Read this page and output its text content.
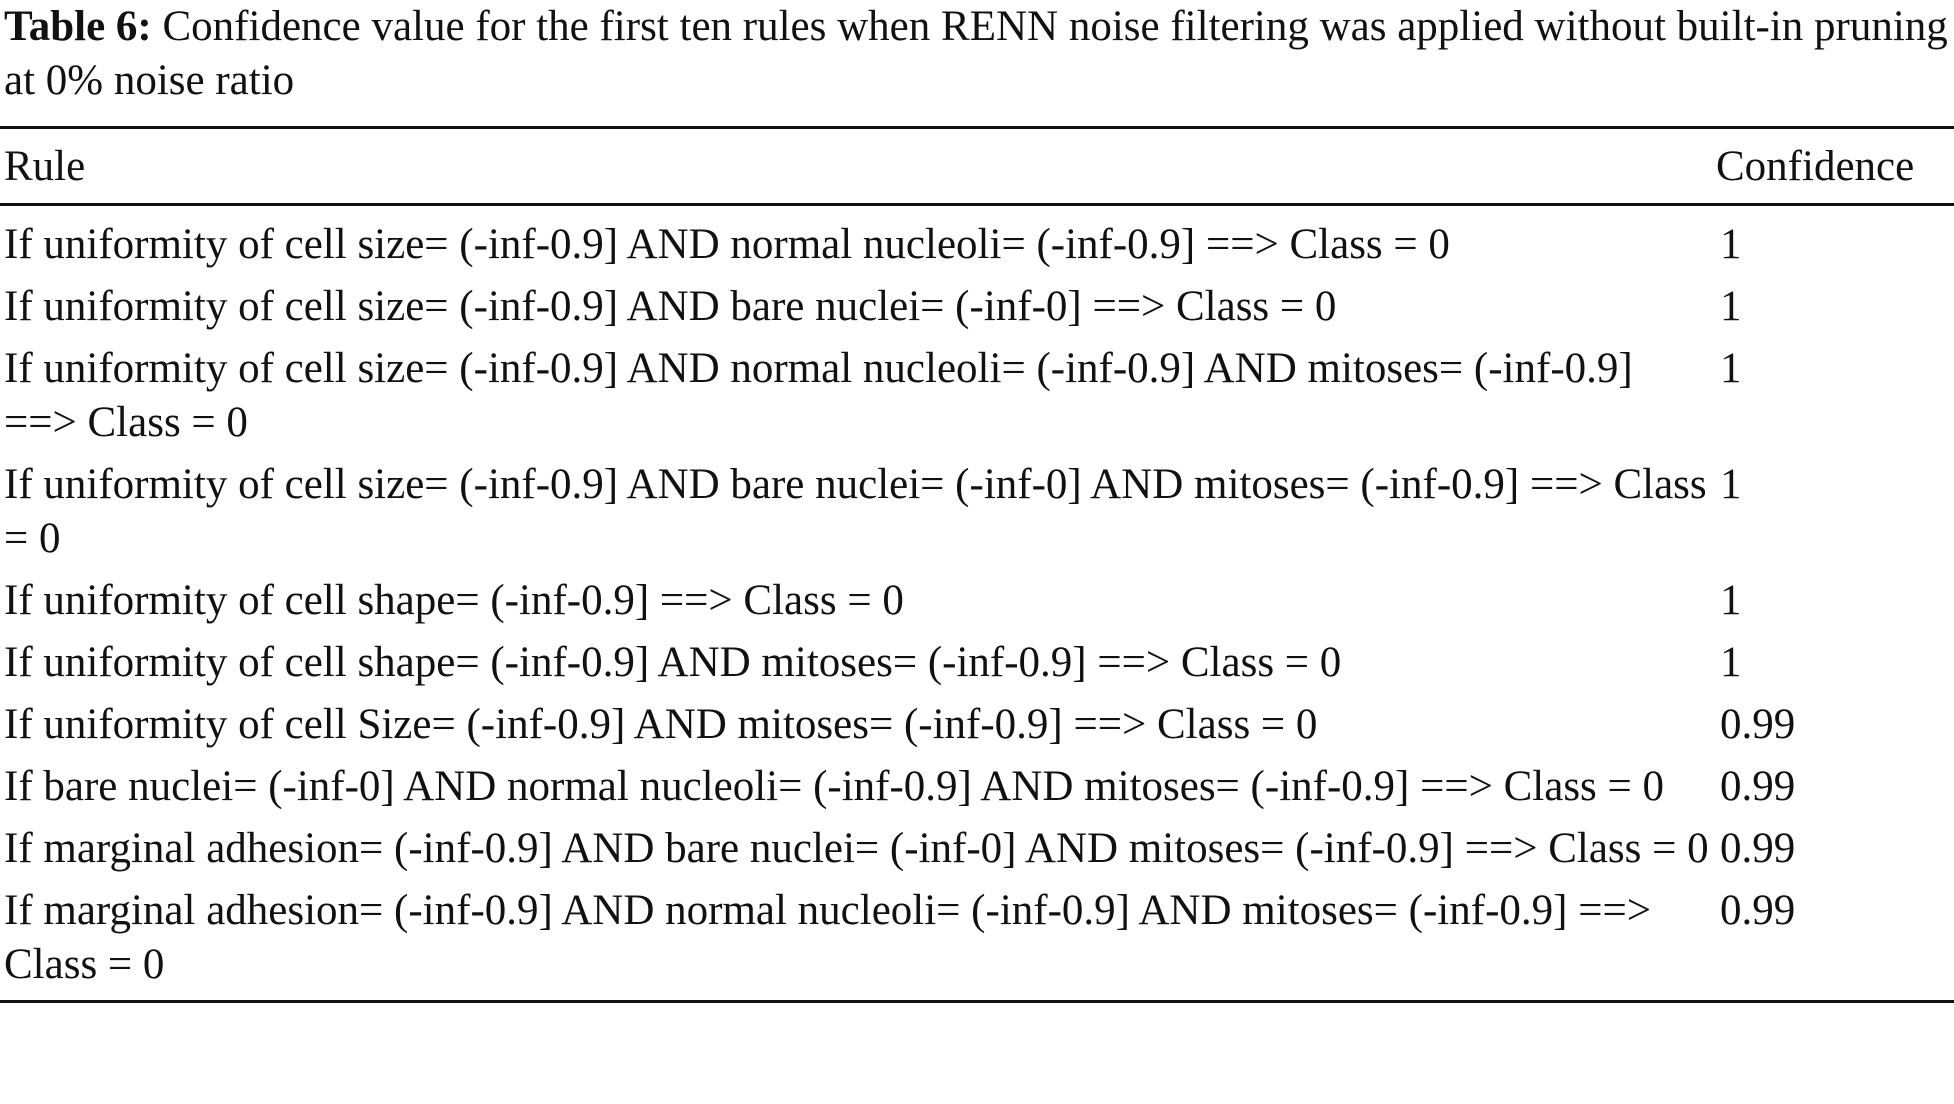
Table 6: Confidence value for the first ten rules when RENN noise filtering was applied without built-in pruning at 0% noise ratio

Rule	Confidence
If uniformity of cell size= (-inf-0.9] AND normal nucleoli= (-inf-0.9] ==> Class = 0	1
If uniformity of cell size= (-inf-0.9] AND bare nuclei= (-inf-0] ==> Class = 0	1
If uniformity of cell size= (-inf-0.9] AND normal nucleoli= (-inf-0.9] AND mitoses= (-inf-0.9] ==> Class = 0	1
If uniformity of cell size= (-inf-0.9] AND bare nuclei= (-inf-0] AND mitoses= (-inf-0.9] ==> Class = 0	1
If uniformity of cell shape= (-inf-0.9] ==> Class = 0	1
If uniformity of cell shape= (-inf-0.9] AND mitoses= (-inf-0.9] ==> Class = 0	1
If uniformity of cell Size= (-inf-0.9] AND mitoses= (-inf-0.9] ==> Class = 0	0.99
If bare nuclei= (-inf-0] AND normal nucleoli= (-inf-0.9] AND mitoses= (-inf-0.9] ==> Class = 0	0.99
If marginal adhesion= (-inf-0.9] AND bare nuclei= (-inf-0] AND mitoses= (-inf-0.9] ==> Class = 0	0.99
If marginal adhesion= (-inf-0.9] AND normal nucleoli= (-inf-0.9] AND mitoses= (-inf-0.9] ==> Class = 0	0.99
